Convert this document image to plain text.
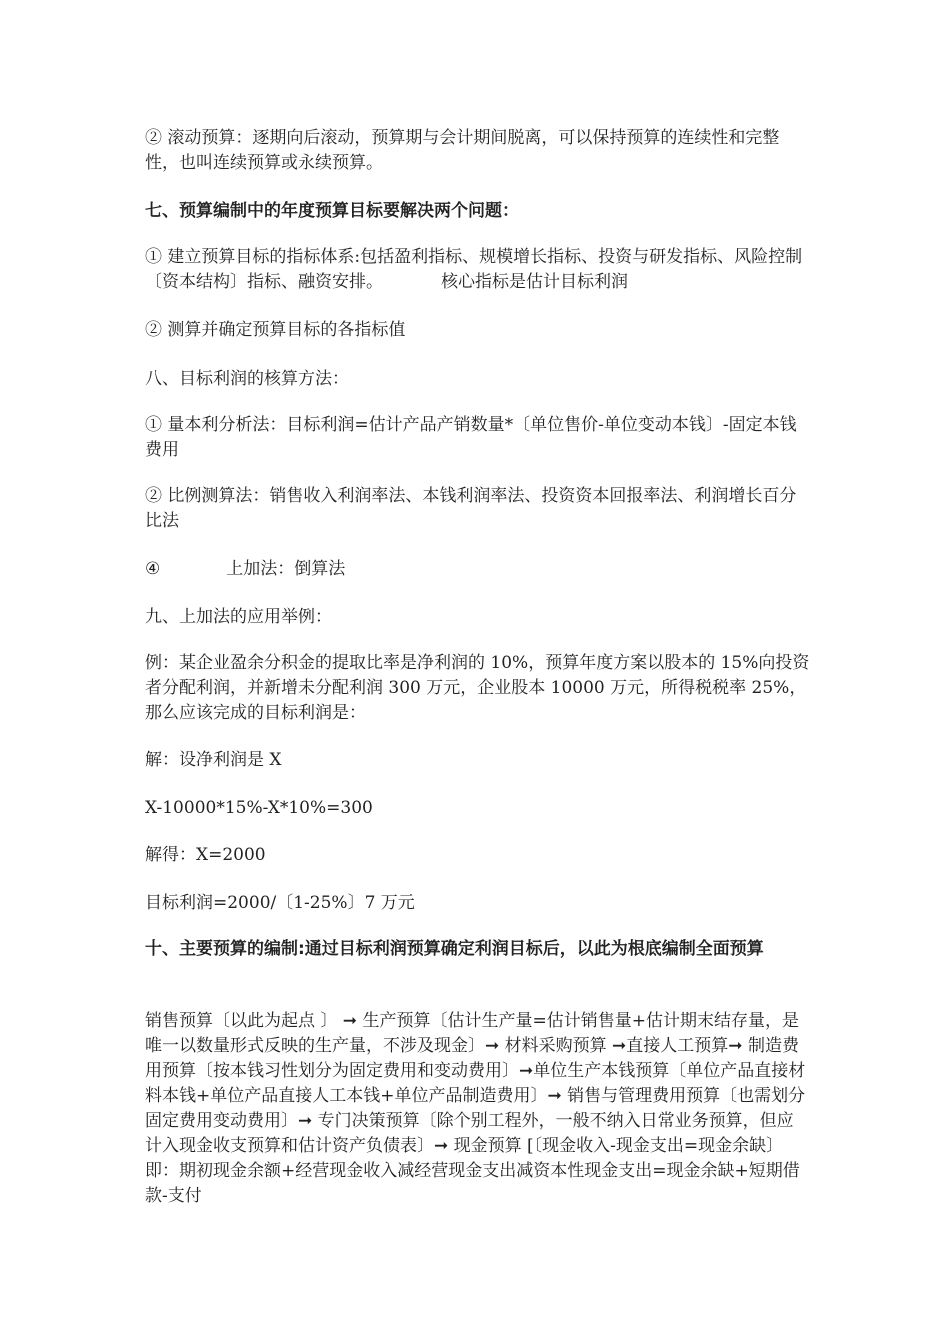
② 滚动预算：逐期向后滚动，预算期与会计期间脱离，可以保持预算的连续性和完整性，也叫连续预算或永续预算。

七、预算编制中的年度预算目标要解决两个问题：

① 建立预算目标的指标体系:包括盈利指标、规模增长指标、投资与研发指标、风险控制〔资本结构〕指标、融资安排。	核心指标是估计目标利润

② 测算并确定预算目标的各指标值

八、目标利润的核算方法：

① 量本利分析法：目标利润=估计产品产销数量*〔单位售价-单位变动本钱〕-固定本钱费用

② 比例测算法：销售收入利润率法、本钱利润率法、投资资本回报率法、利润增长百分比法

④	上加法：倒算法

九、上加法的应用举例：

例：某企业盈余分积金的提取比率是净利润的 10%，预算年度方案以股本的 15%向投资者分配利润，并新增未分配利润 300 万元，企业股本 10000 万元，所得税税率 25%，那么应该完成的目标利润是：

解：设净利润是 X

X-10000*15%-X*10%=300

解得：X=2000

目标利润=2000/〔1-25%〕7 万元

十、主要预算的编制:通过目标利润预算确定利润目标后，以此为根底编制全面预算

销售预算〔以此为起点 〕 ➞ 生产预算〔估计生产量=估计销售量+估计期末结存量，是唯一以数量形式反映的生产量，不涉及现金〕➞ 材料采购预算 ➞直接人工预算➞ 制造费用预算〔按本钱习性划分为固定费用和变动费用〕➞单位生产本钱预算〔单位产品直接材料本钱+单位产品直接人工本钱+单位产品制造费用〕➞ 销售与管理费用预算〔也需划分固定费用变动费用〕➞ 专门决策预算〔除个别工程外，一般不纳入日常业务预算，但应计入现金收支预算和估计资产负债表〕➞ 现金预算 [〔现金收入-现金支出=现金余缺〕即：期初现金余额+经营现金收入减经营现金支出减资本性现金支出=现金余缺+短期借款-支付
